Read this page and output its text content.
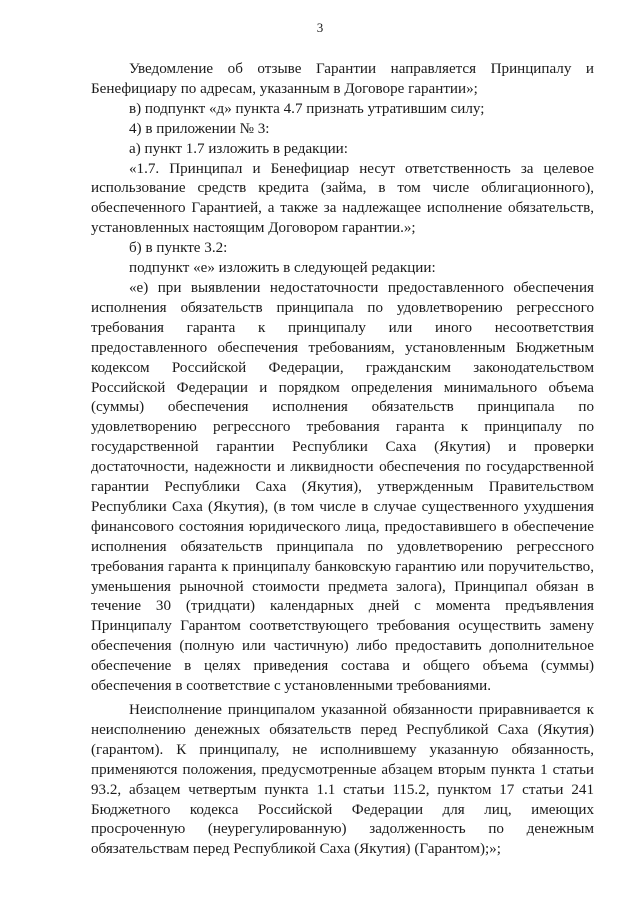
3

Уведомление об отзыве Гарантии направляется Принципалу и Бенефициару по адресам, указанным в Договоре гарантии»;

в) подпункт «д» пункта 4.7 признать утратившим силу;

4) в приложении № 3:

а) пункт 1.7 изложить в редакции:

«1.7. Принципал и Бенефициар несут ответственность за целевое использование средств кредита (займа, в том числе облигационного), обеспеченного Гарантией, а также за надлежащее исполнение обязательств, установленных настоящим Договором гарантии.»;

б) в пункте 3.2:

подпункт «е» изложить в следующей редакции:

«е) при выявлении недостаточности предоставленного обеспечения исполнения обязательств принципала по удовлетворению регрессного требования гаранта к принципалу или иного несоответствия предоставленного обеспечения требованиям, установленным Бюджетным кодексом Российской Федерации, гражданским законодательством Российской Федерации и порядком определения минимального объема (суммы) обеспечения исполнения обязательств принципала по удовлетворению регрессного требования гаранта к принципалу по государственной гарантии Республики Саха (Якутия) и проверки достаточности, надежности и ликвидности обеспечения по государственной гарантии Республики Саха (Якутия), утвержденным Правительством Республики Саха (Якутия), (в том числе в случае существенного ухудшения финансового состояния юридического лица, предоставившего в обеспечение исполнения обязательств принципала по удовлетворению регрессного требования гаранта к принципалу банковскую гарантию или поручительство, уменьшения рыночной стоимости предмета залога), Принципал обязан в течение 30 (тридцати) календарных дней с момента предъявления Принципалу Гарантом соответствующего требования осуществить замену обеспечения (полную или частичную) либо предоставить дополнительное обеспечение в целях приведения состава и общего объема (суммы) обеспечения в соответствие с установленными требованиями.

Неисполнение принципалом указанной обязанности приравнивается к неисполнению денежных обязательств перед Республикой Саха (Якутия) (гарантом). К принципалу, не исполнившему указанную обязанность, применяются положения, предусмотренные абзацем вторым пункта 1 статьи 93.2, абзацем четвертым пункта 1.1 статьи 115.2, пунктом 17 статьи 241 Бюджетного кодекса Российской Федерации для лиц, имеющих просроченную (неурегулированную) задолженность по денежным обязательствам перед Республикой Саха (Якутия) (Гарантом);»;
